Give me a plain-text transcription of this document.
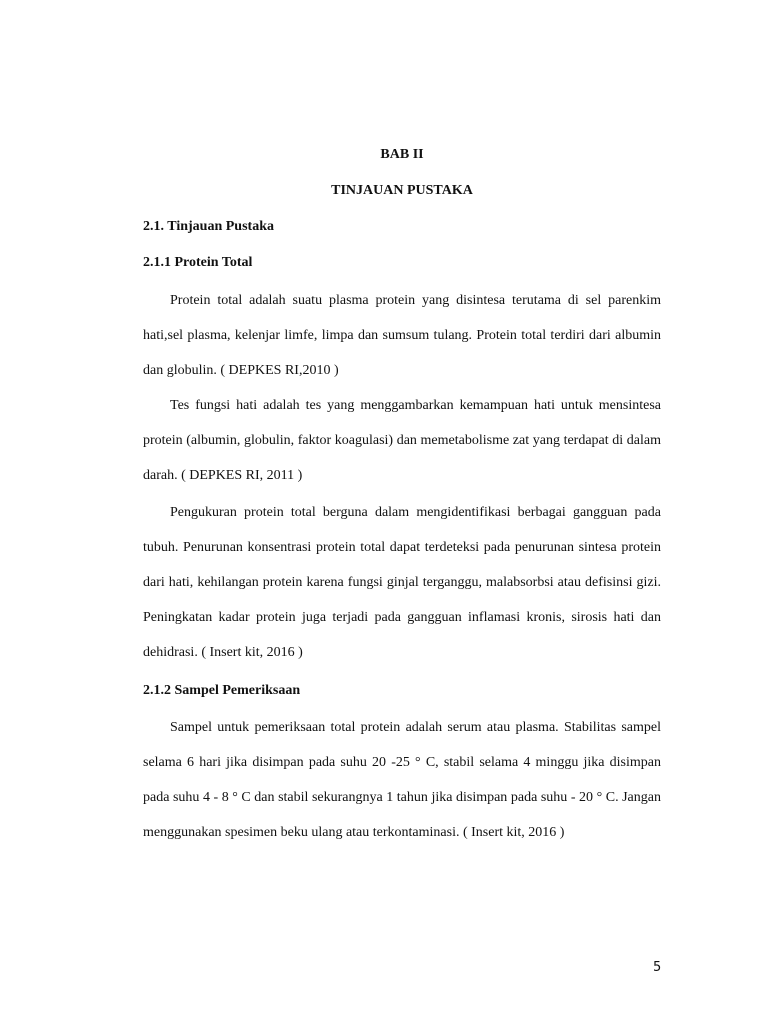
BAB II
TINJAUAN PUSTAKA
2.1. Tinjauan Pustaka
2.1.1 Protein Total
Protein total adalah suatu plasma protein yang disintesa terutama di sel parenkim hati,sel plasma, kelenjar limfe, limpa dan sumsum tulang. Protein total terdiri dari albumin dan globulin. ( DEPKES RI,2010 )
Tes fungsi hati adalah tes yang menggambarkan kemampuan hati untuk mensintesa protein (albumin, globulin, faktor koagulasi) dan memetabolisme zat yang terdapat di dalam darah. ( DEPKES RI, 2011 )
Pengukuran protein total berguna dalam mengidentifikasi berbagai gangguan pada tubuh. Penurunan konsentrasi protein total dapat terdeteksi pada penurunan sintesa protein dari hati, kehilangan protein karena fungsi ginjal terganggu, malabsorbsi atau defisinsi gizi. Peningkatan kadar protein juga terjadi pada gangguan inflamasi kronis, sirosis hati dan dehidrasi. ( Insert kit, 2016 )
2.1.2 Sampel Pemeriksaan
Sampel untuk pemeriksaan total protein adalah serum atau plasma. Stabilitas sampel selama 6 hari jika disimpan pada suhu 20 -25 ° C, stabil selama 4 minggu jika disimpan pada suhu 4 - 8 ° C dan stabil sekurangnya 1 tahun jika disimpan pada suhu - 20 ° C. Jangan menggunakan spesimen beku ulang atau terkontaminasi. ( Insert kit, 2016 )
5
